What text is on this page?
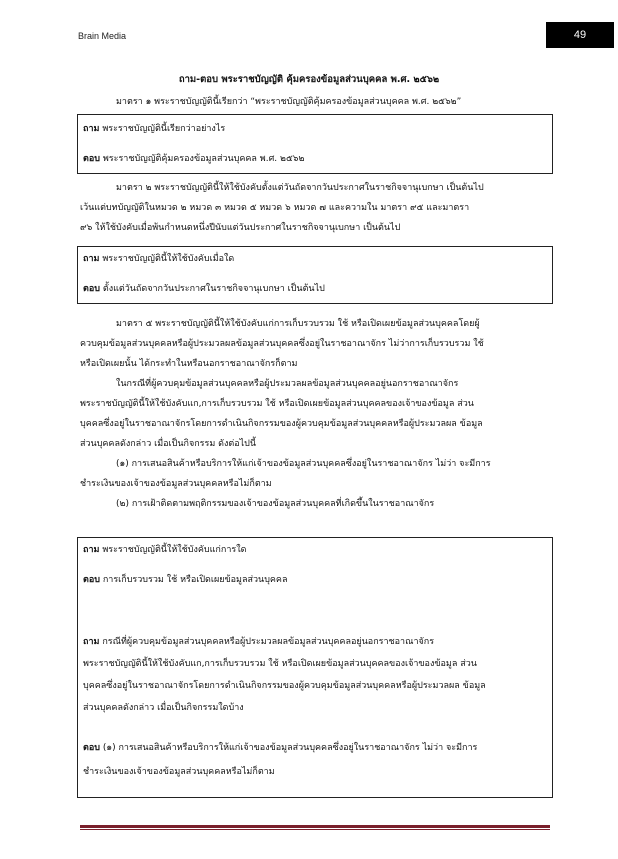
Brain Media	49
ถาม-ตอบ พระราชบัญญัติ คุ้มครองข้อมูลส่วนบุคคล พ.ศ. ๒๕๖๒

มาตรา ๑ พระราชบัญญัตินี้เรียกว่า “พระราชบัญญัติคุ้มครองข้อมูลส่วนบุคคล พ.ศ. ๒๕๖๒”

ถาม พระราชบัญญัตินี้เรียกว่าอย่างไร
ตอบ พระราชบัญญัติคุ้มครองข้อมูลส่วนบุคคล พ.ศ. ๒๕๖๒

มาตรา ๒ พระราชบัญญัตินี้ให้ใช้บังคับตั้งแต่วันถัดจากวันประกาศในราชกิจจานุเบกษา เป็นต้นไป

เว้นแต่บทบัญญัติในหมวด ๒ หมวด ๓ หมวด ๕ หมวด ๖ หมวด ๗ และความใน มาตรา ๙๕ และมาตรา

๙๖ ให้ใช้บังคับเมื่อพ้นกำหนดหนึ่งปีนับแต่วันประกาศในราชกิจจานุเบกษา เป็นต้นไป

ถาม พระราชบัญญัตินี้ให้ใช้บังคับเมื่อใด
ตอบ ตั้งแต่วันถัดจากวันประกาศในราชกิจจานุเบกษา เป็นต้นไป

มาตรา ๕ พระราชบัญญัตินี้ให้ใช้บังคับแก่การเก็บรวบรวม ใช้ หรือเปิดเผยข้อมูลส่วนบุคคลโดยผู้

ควบคุมข้อมูลส่วนบุคคลหรือผู้ประมวลผลข้อมูลส่วนบุคคลซึ่งอยู่ในราชอาณาจักร ไม่ว่าการเก็บรวบรวม ใช้

หรือเปิดเผยนั้น ได้กระทำในหรือนอกราชอาณาจักรก็ตาม

ในกรณีที่ผู้ควบคุมข้อมูลส่วนบุคคลหรือผู้ประมวลผลข้อมูลส่วนบุคคลอยู่นอกราชอาณาจักร

พระราชบัญญัตินี้ให้ใช้บังคับแก,การเก็บรวบรวม ใช้ หรือเปิดเผยข้อมูลส่วนบุคคลของเจ้าของข้อมูล ส่วน

บุคคลซึ่งอยู่ในราชอาณาจักรโดยการดำเนินกิจกรรมของผู้ควบคุมข้อมูลส่วนบุคคลหรือผู้ประมวลผล ข้อมูล

ส่วนบุคคลดังกล่าว เมื่อเป็นกิจกรรม ดังต่อไปนี้

(๑) การเสนอสินค้าหรือบริการให้แก่เจ้าของข้อมูลส่วนบุคคลซึ่งอยู่ในราชอาณาจักร ไม่ว่า จะมีการ

ชำระเงินของเจ้าของข้อมูลส่วนบุคคลหรือไม่ก็ตาม

(๒) การเฝ้าติดตามพฤติกรรมของเจ้าของข้อมูลส่วนบุคคลที่เกิดขึ้นในราชอาณาจักร

ถาม พระราชบัญญัตินี้ให้ใช้บังคับแก่การใด
ตอบ การเก็บรวบรวม ใช้ หรือเปิดเผยข้อมูลส่วนบุคคล
ถาม กรณีที่ผู้ควบคุมข้อมูลส่วนบุคคลหรือผู้ประมวลผลข้อมูลส่วนบุคคลอยู่นอกราชอาณาจักร
พระราชบัญญัตินี้ให้ใช้บังคับแก,การเก็บรวบรวม ใช้ หรือเปิดเผยข้อมูลส่วนบุคคลของเจ้าของข้อมูล ส่วน
บุคคลซึ่งอยู่ในราชอาณาจักรโดยการดำเนินกิจกรรมของผู้ควบคุมข้อมูลส่วนบุคคลหรือผู้ประมวลผล ข้อมูล
ส่วนบุคคลดังกล่าว เมื่อเป็นกิจกรรมใดบ้าง
ตอบ (๑) การเสนอสินค้าหรือบริการให้แก่เจ้าของข้อมูลส่วนบุคคลซึ่งอยู่ในราชอาณาจักร ไม่ว่า จะมีการ
ชำระเงินของเจ้าของข้อมูลส่วนบุคคลหรือไม่ก็ตาม
